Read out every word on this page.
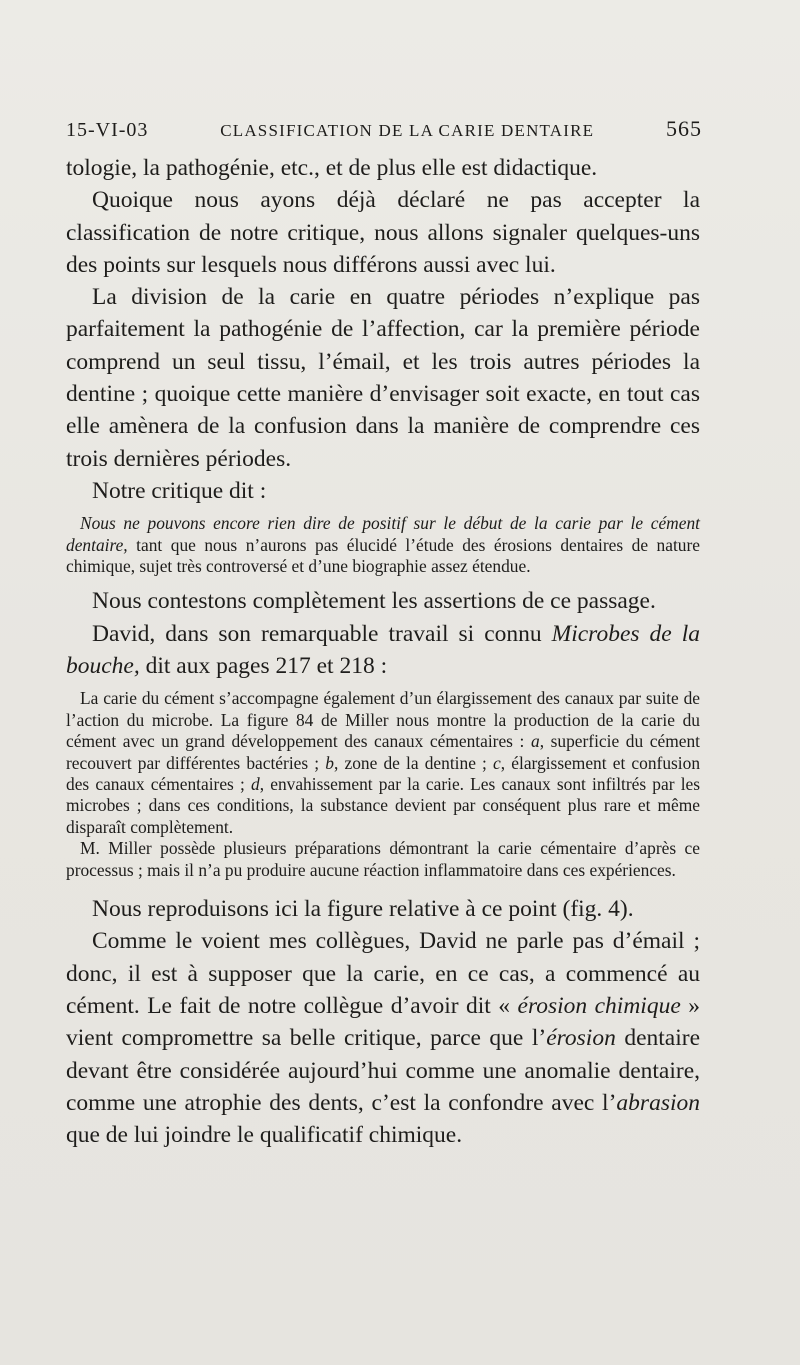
15-VI-03	CLASSIFICATION DE LA CARIE DENTAIRE	565

tologie, la pathogénie, etc., et de plus elle est didactique.

Quoique nous ayons déjà déclaré ne pas accepter la classification de notre critique, nous allons signaler quelques-uns des points sur lesquels nous différons aussi avec lui.

La division de la carie en quatre périodes n’explique pas parfaitement la pathogénie de l’affection, car la première période comprend un seul tissu, l’émail, et les trois autres périodes la dentine ; quoique cette manière d’envisager soit exacte, en tout cas elle amènera de la confusion dans la manière de comprendre ces trois dernières périodes.

Notre critique dit :

Nous ne pouvons encore rien dire de positif sur le début de la carie par le cément dentaire, tant que nous n’aurons pas élucidé l’étude des érosions dentaires de nature chimique, sujet très controversé et d’une biographie assez étendue.

Nous contestons complètement les assertions de ce passage.

David, dans son remarquable travail si connu Microbes de la bouche, dit aux pages 217 et 218 :

La carie du cément s’accompagne également d’un élargissement des canaux par suite de l’action du microbe. La figure 84 de Miller nous montre la production de la carie du cément avec un grand développement des canaux cémentaires : a, superficie du cément recouvert par différentes bactéries ; b, zone de la dentine ; c, élargissement et confusion des canaux cémentaires ; d, envahissement par la carie. Les canaux sont infiltrés par les microbes ; dans ces conditions, la substance devient par conséquent plus rare et même disparaît complètement.

M. Miller possède plusieurs préparations démontrant la carie cémentaire d’après ce processus ; mais il n’a pu produire aucune réaction inflammatoire dans ces expériences.

Nous reproduisons ici la figure relative à ce point (fig. 4).

Comme le voient mes collègues, David ne parle pas d’émail ; donc, il est à supposer que la carie, en ce cas, a commencé au cément. Le fait de notre collègue d’avoir dit « érosion chimique » vient compromettre sa belle critique, parce que l’érosion dentaire devant être considérée aujourd’hui comme une anomalie dentaire, comme une atrophie des dents, c’est la confondre avec l’abrasion que de lui joindre le qualificatif chimique.
